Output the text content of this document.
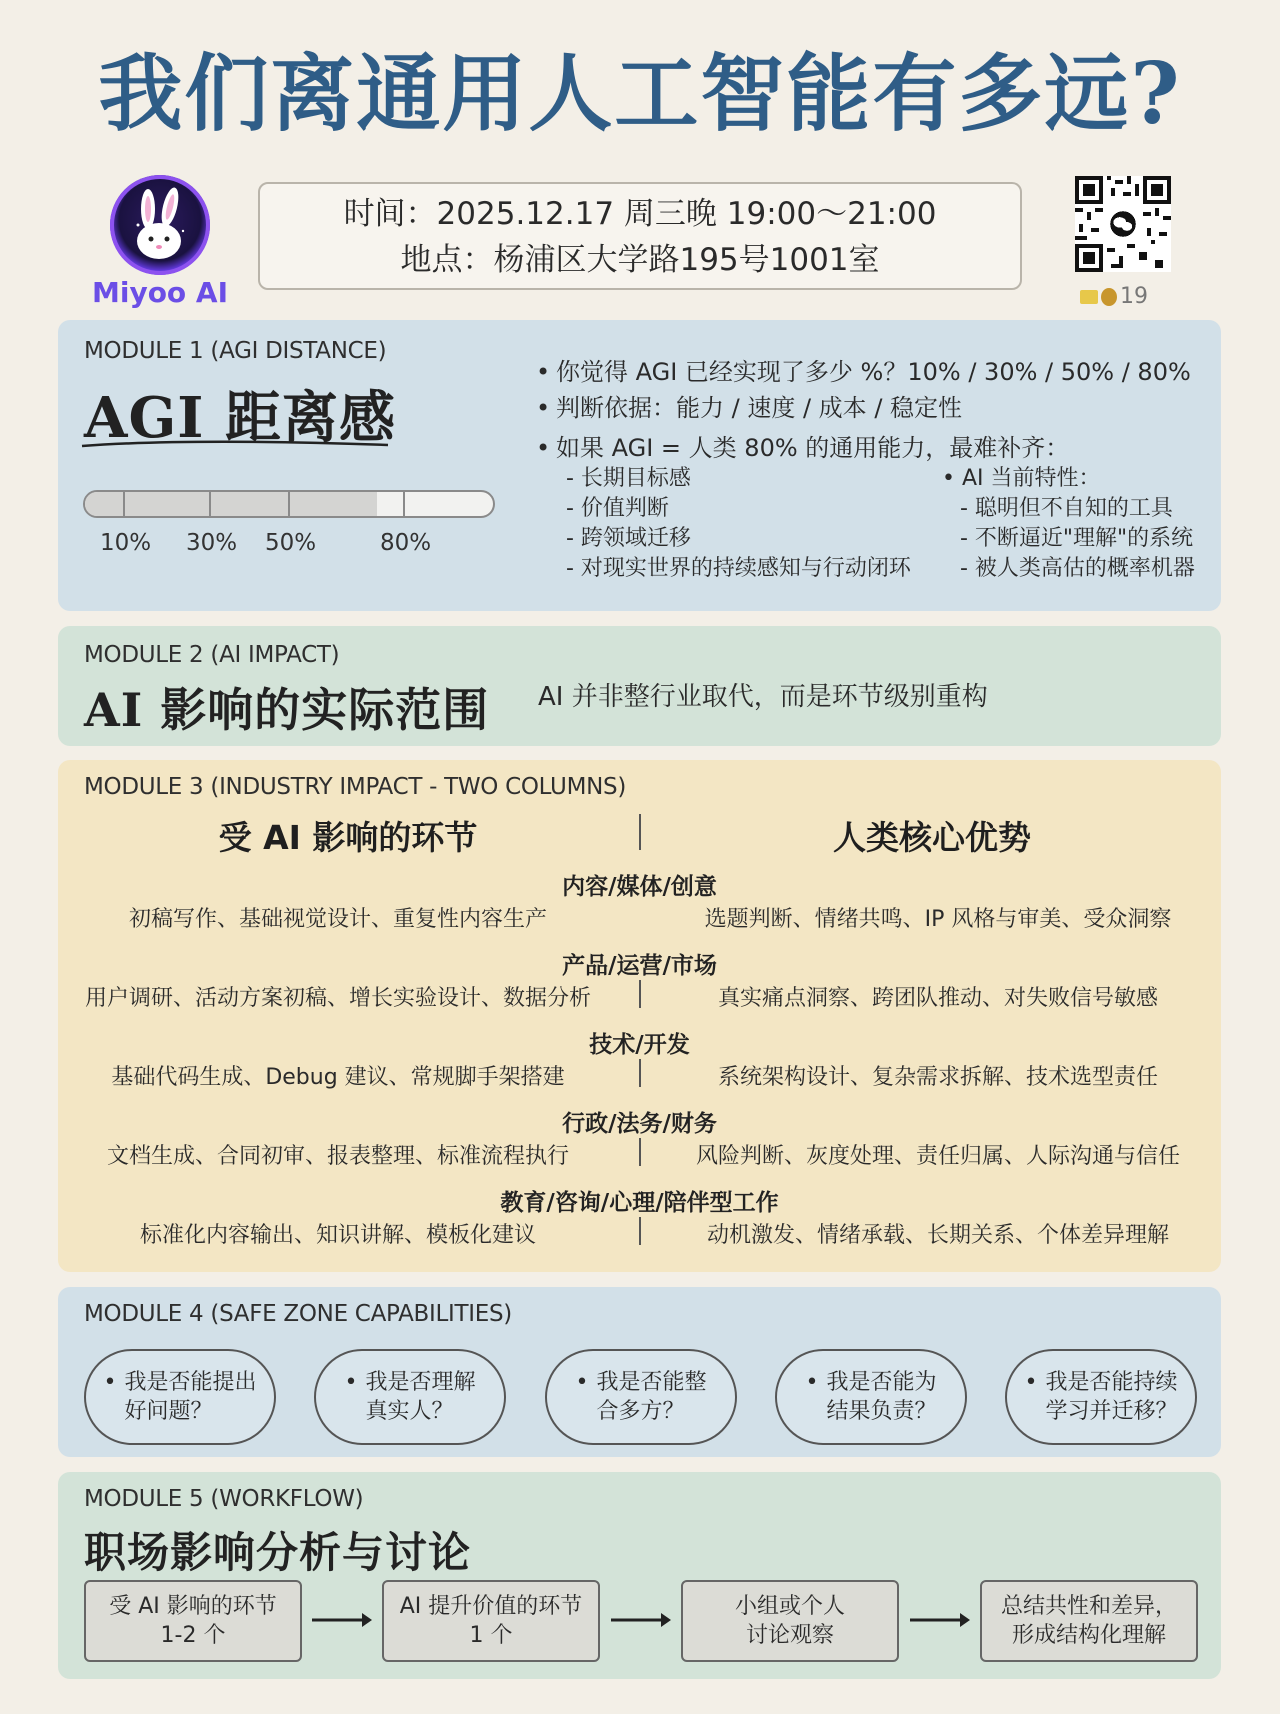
我们离通用人工智能有多远?
Miyoo AI
时间：2025.12.17 周三晚 19:00～21:00
地点：杨浦区大学路195号1001室
19
MODULE 1 (AGI DISTANCE)
AGI 距离感
10% 30% 50%	80%
• 你觉得 AGI 已经实现了多少 %？10% / 30% / 50% / 80%
• 判断依据：能力 / 速度 / 成本 / 稳定性
• 如果 AGI = 人类 80% 的通用能力，最难补齐：
- 长期目标感
- 价值判断
- 跨领域迁移
- 对现实世界的持续感知与行动闭环
• AI 当前特性：
- 聪明但不自知的工具
- 不断逼近"理解"的系统
- 被人类高估的概率机器
MODULE 2 (AI IMPACT)
AI 影响的实际范围 AI 并非整行业取代，而是环节级别重构
MODULE 3 (INDUSTRY IMPACT - TWO COLUMNS)
受 AI 影响的环节	人类核心优势
内容/媒体/创意
初稿写作、基础视觉设计、重复性内容生产	选题判断、情绪共鸣、IP 风格与审美、受众洞察
产品/运营/市场
用户调研、活动方案初稿、增长实验设计、数据分析	真实痛点洞察、跨团队推动、对失败信号敏感
技术/开发
基础代码生成、Debug 建议、常规脚手架搭建	系统架构设计、复杂需求拆解、技术选型责任
行政/法务/财务
文档生成、合同初审、报表整理、标准流程执行	风险判断、灰度处理、责任归属、人际沟通与信任
教育/咨询/心理/陪伴型工作
标准化内容输出、知识讲解、模板化建议	动机激发、情绪承载、长期关系、个体差异理解
MODULE 4 (SAFE ZONE CAPABILITIES)
• 我是否能提出
好问题？
• 我是否理解
真实人？
• 我是否能整
合多方？
• 我是否能为
结果负责？
• 我是否能持续
学习并迁移？
MODULE 5 (WORKFLOW)
职场影响分析与讨论
受 AI 影响的环节
1-2 个
AI 提升价值的环节
1 个
小组或个人
讨论观察
总结共性和差异，
形成结构化理解
